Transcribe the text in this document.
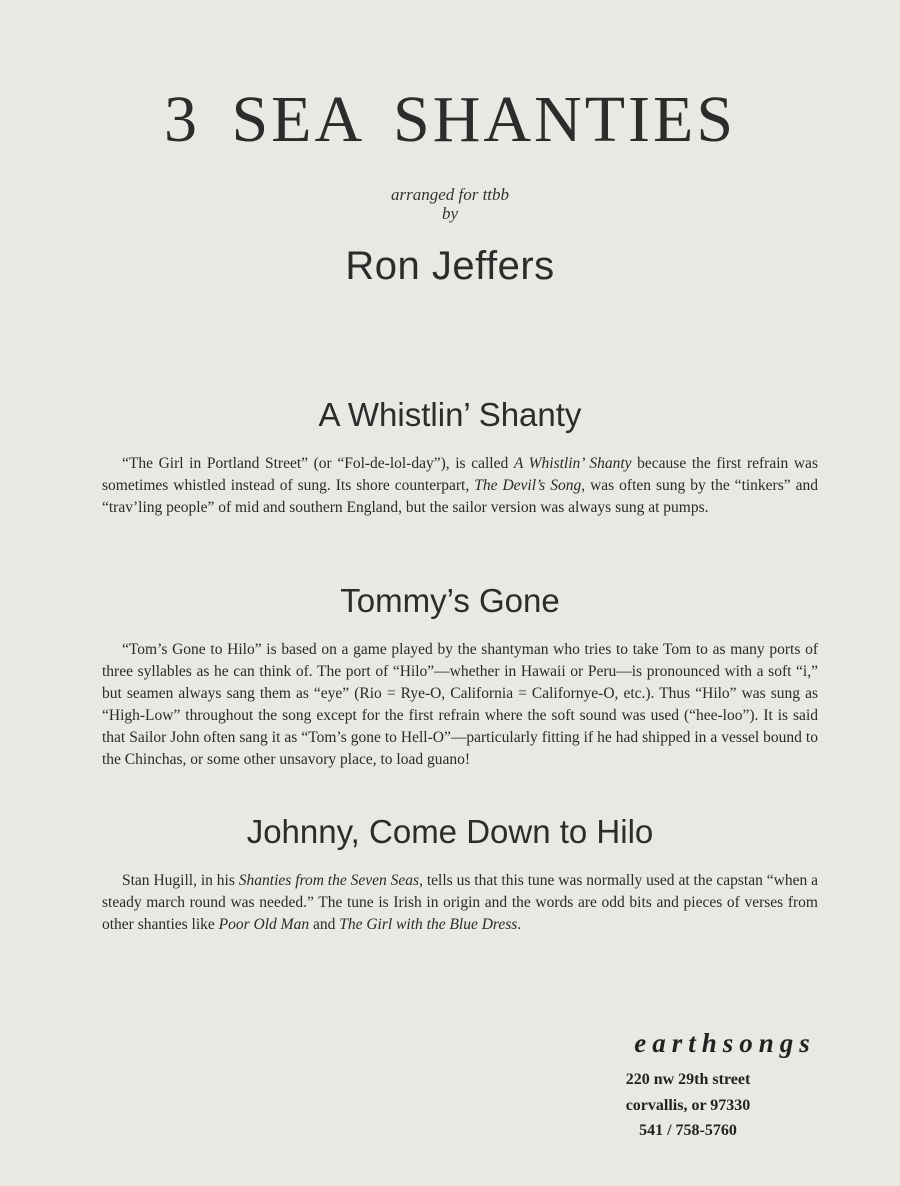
3 SEA SHANTIES
arranged for ttbb
by
Ron Jeffers
A Whistlin’ Shanty

“The Girl in Portland Street” (or “Fol-de-lol-day”), is called A Whistlin’ Shanty because the first refrain was sometimes whistled instead of sung. Its shore counterpart, The Devil’s Song, was often sung by the “tinkers” and “trav’ling people” of mid and southern England, but the sailor version was always sung at pumps.

Tommy’s Gone

“Tom’s Gone to Hilo” is based on a game played by the shantyman who tries to take Tom to as many ports of three syllables as he can think of. The port of “Hilo”—whether in Hawaii or Peru—is pronounced with a soft “i,” but seamen always sang them as “eye” (Rio = Rye-O, California = Californye-O, etc.). Thus “Hilo” was sung as “High-Low” throughout the song except for the first refrain where the soft sound was used (“hee-loo”). It is said that Sailor John often sang it as “Tom’s gone to Hell-O”—particularly fitting if he had shipped in a vessel bound to the Chinchas, or some other unsavory place, to load guano!

Johnny, Come Down to Hilo

Stan Hugill, in his Shanties from the Seven Seas, tells us that this tune was normally used at the capstan “when a steady march round was needed.” The tune is Irish in origin and the words are odd bits and pieces of verses from other shanties like Poor Old Man and The Girl with the Blue Dress.

earthsongs
220 nw 29th street
corvallis, or 97330
541 / 758-5760
